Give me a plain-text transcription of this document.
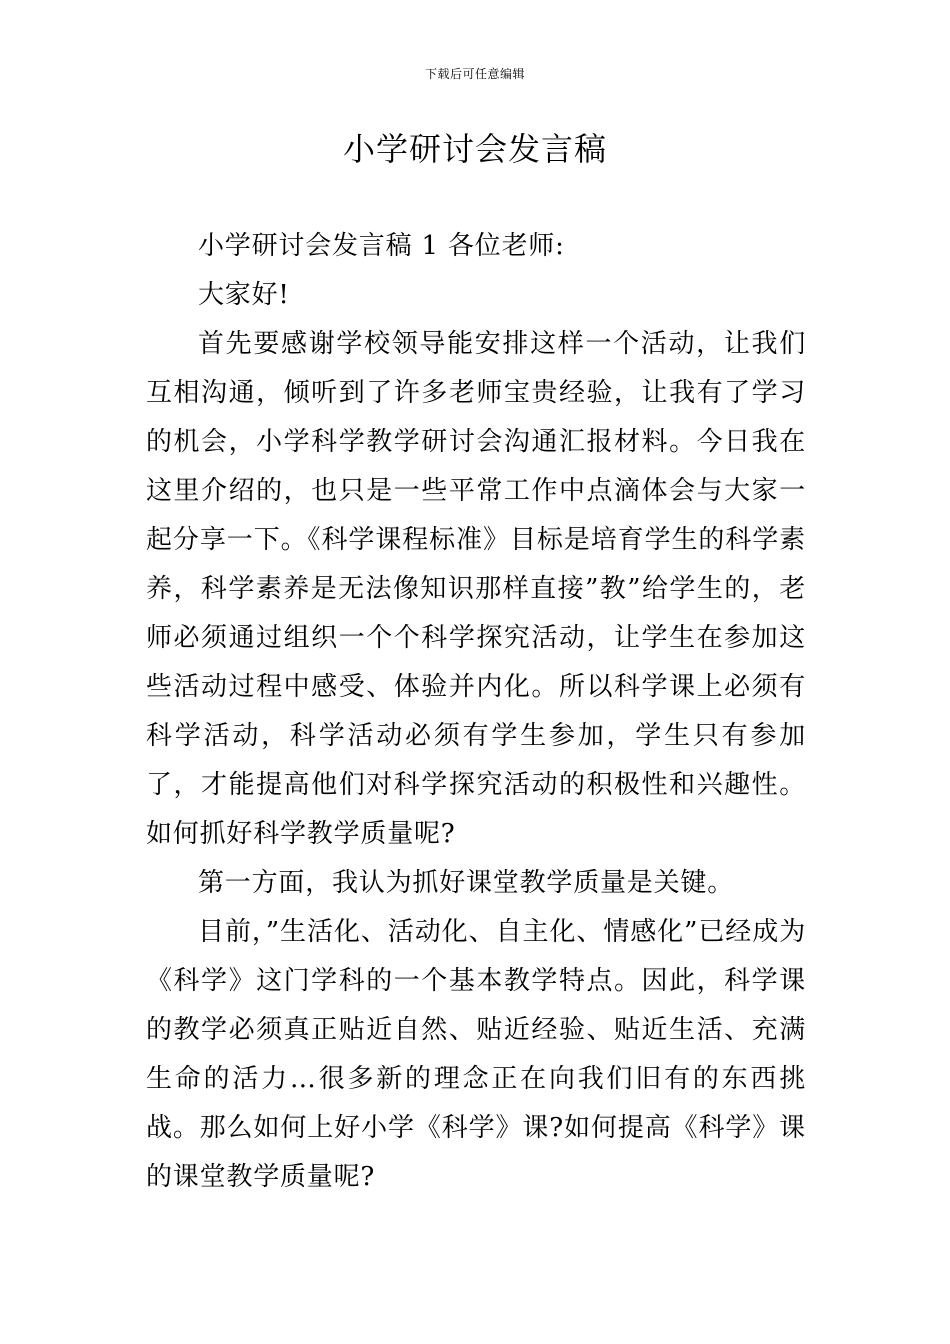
下载后可任意编辑
小学研讨会发言稿

小学研讨会发言稿 1 各位老师:

大家好!

首先要感谢学校领导能安排这样一个活动，让我们互相沟通，倾听到了许多老师宝贵经验，让我有了学习的机会，小学科学教学研讨会沟通汇报材料。今日我在这里介绍的，也只是一些平常工作中点滴体会与大家一起分享一下。《科学课程标准》目标是培育学生的科学素养，科学素养是无法像知识那样直接”教”给学生的，老师必须通过组织一个个科学探究活动，让学生在参加这些活动过程中感受、体验并内化。所以科学课上必须有科学活动，科学活动必须有学生参加，学生只有参加了，才能提高他们对科学探究活动的积极性和兴趣性。如何抓好科学教学质量呢?

第一方面，我认为抓好课堂教学质量是关键。

目前，”生活化、活动化、自主化、情感化”已经成为《科学》这门学科的一个基本教学特点。因此，科学课的教学必须真正贴近自然、贴近经验、贴近生活、充满生命的活力…很多新的理念正在向我们旧有的东西挑战。那么如何上好小学《科学》课?如何提高《科学》课的课堂教学质量呢?
